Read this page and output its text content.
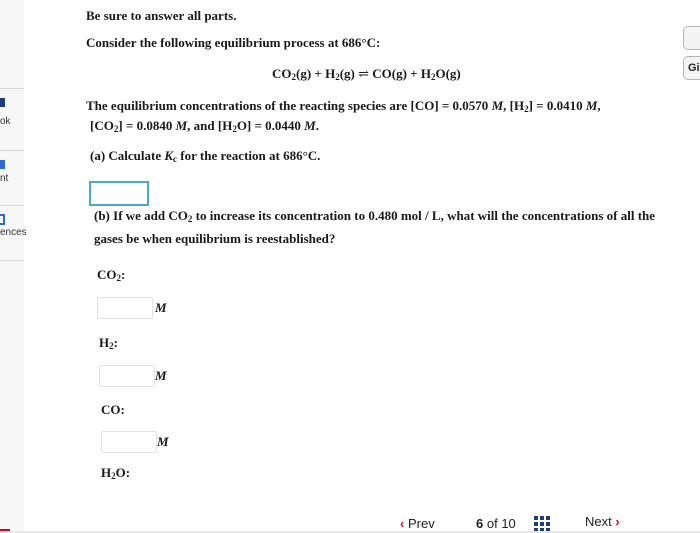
ok
nt
ences
Gi
Be sure to answer all parts.
Consider the following equilibrium process at 686°C:
$CO_2(g) + H_2(g)$ ⇌ $CO(g) + H_2O(g)$
The equilibrium concentrations of the reacting species are [CO] = 0.0570 M, $[H_2] = 0.0410$ M,
$[CO_2] = 0.0840$ M, and $[H_2O] = 0.0440$ M.
(a) Calculate $K_c$ for the reaction at 686°C.
(b) If we add $CO_2$ to increase its concentration to 0.480 mol / L, what will the concentrations of all the
gases be when equilibrium is reestablished?
$CO_2$:
M
$H_2$:
M
CO:
M
$H_2O$:
‹ Prev	6 of 10	Next ›
